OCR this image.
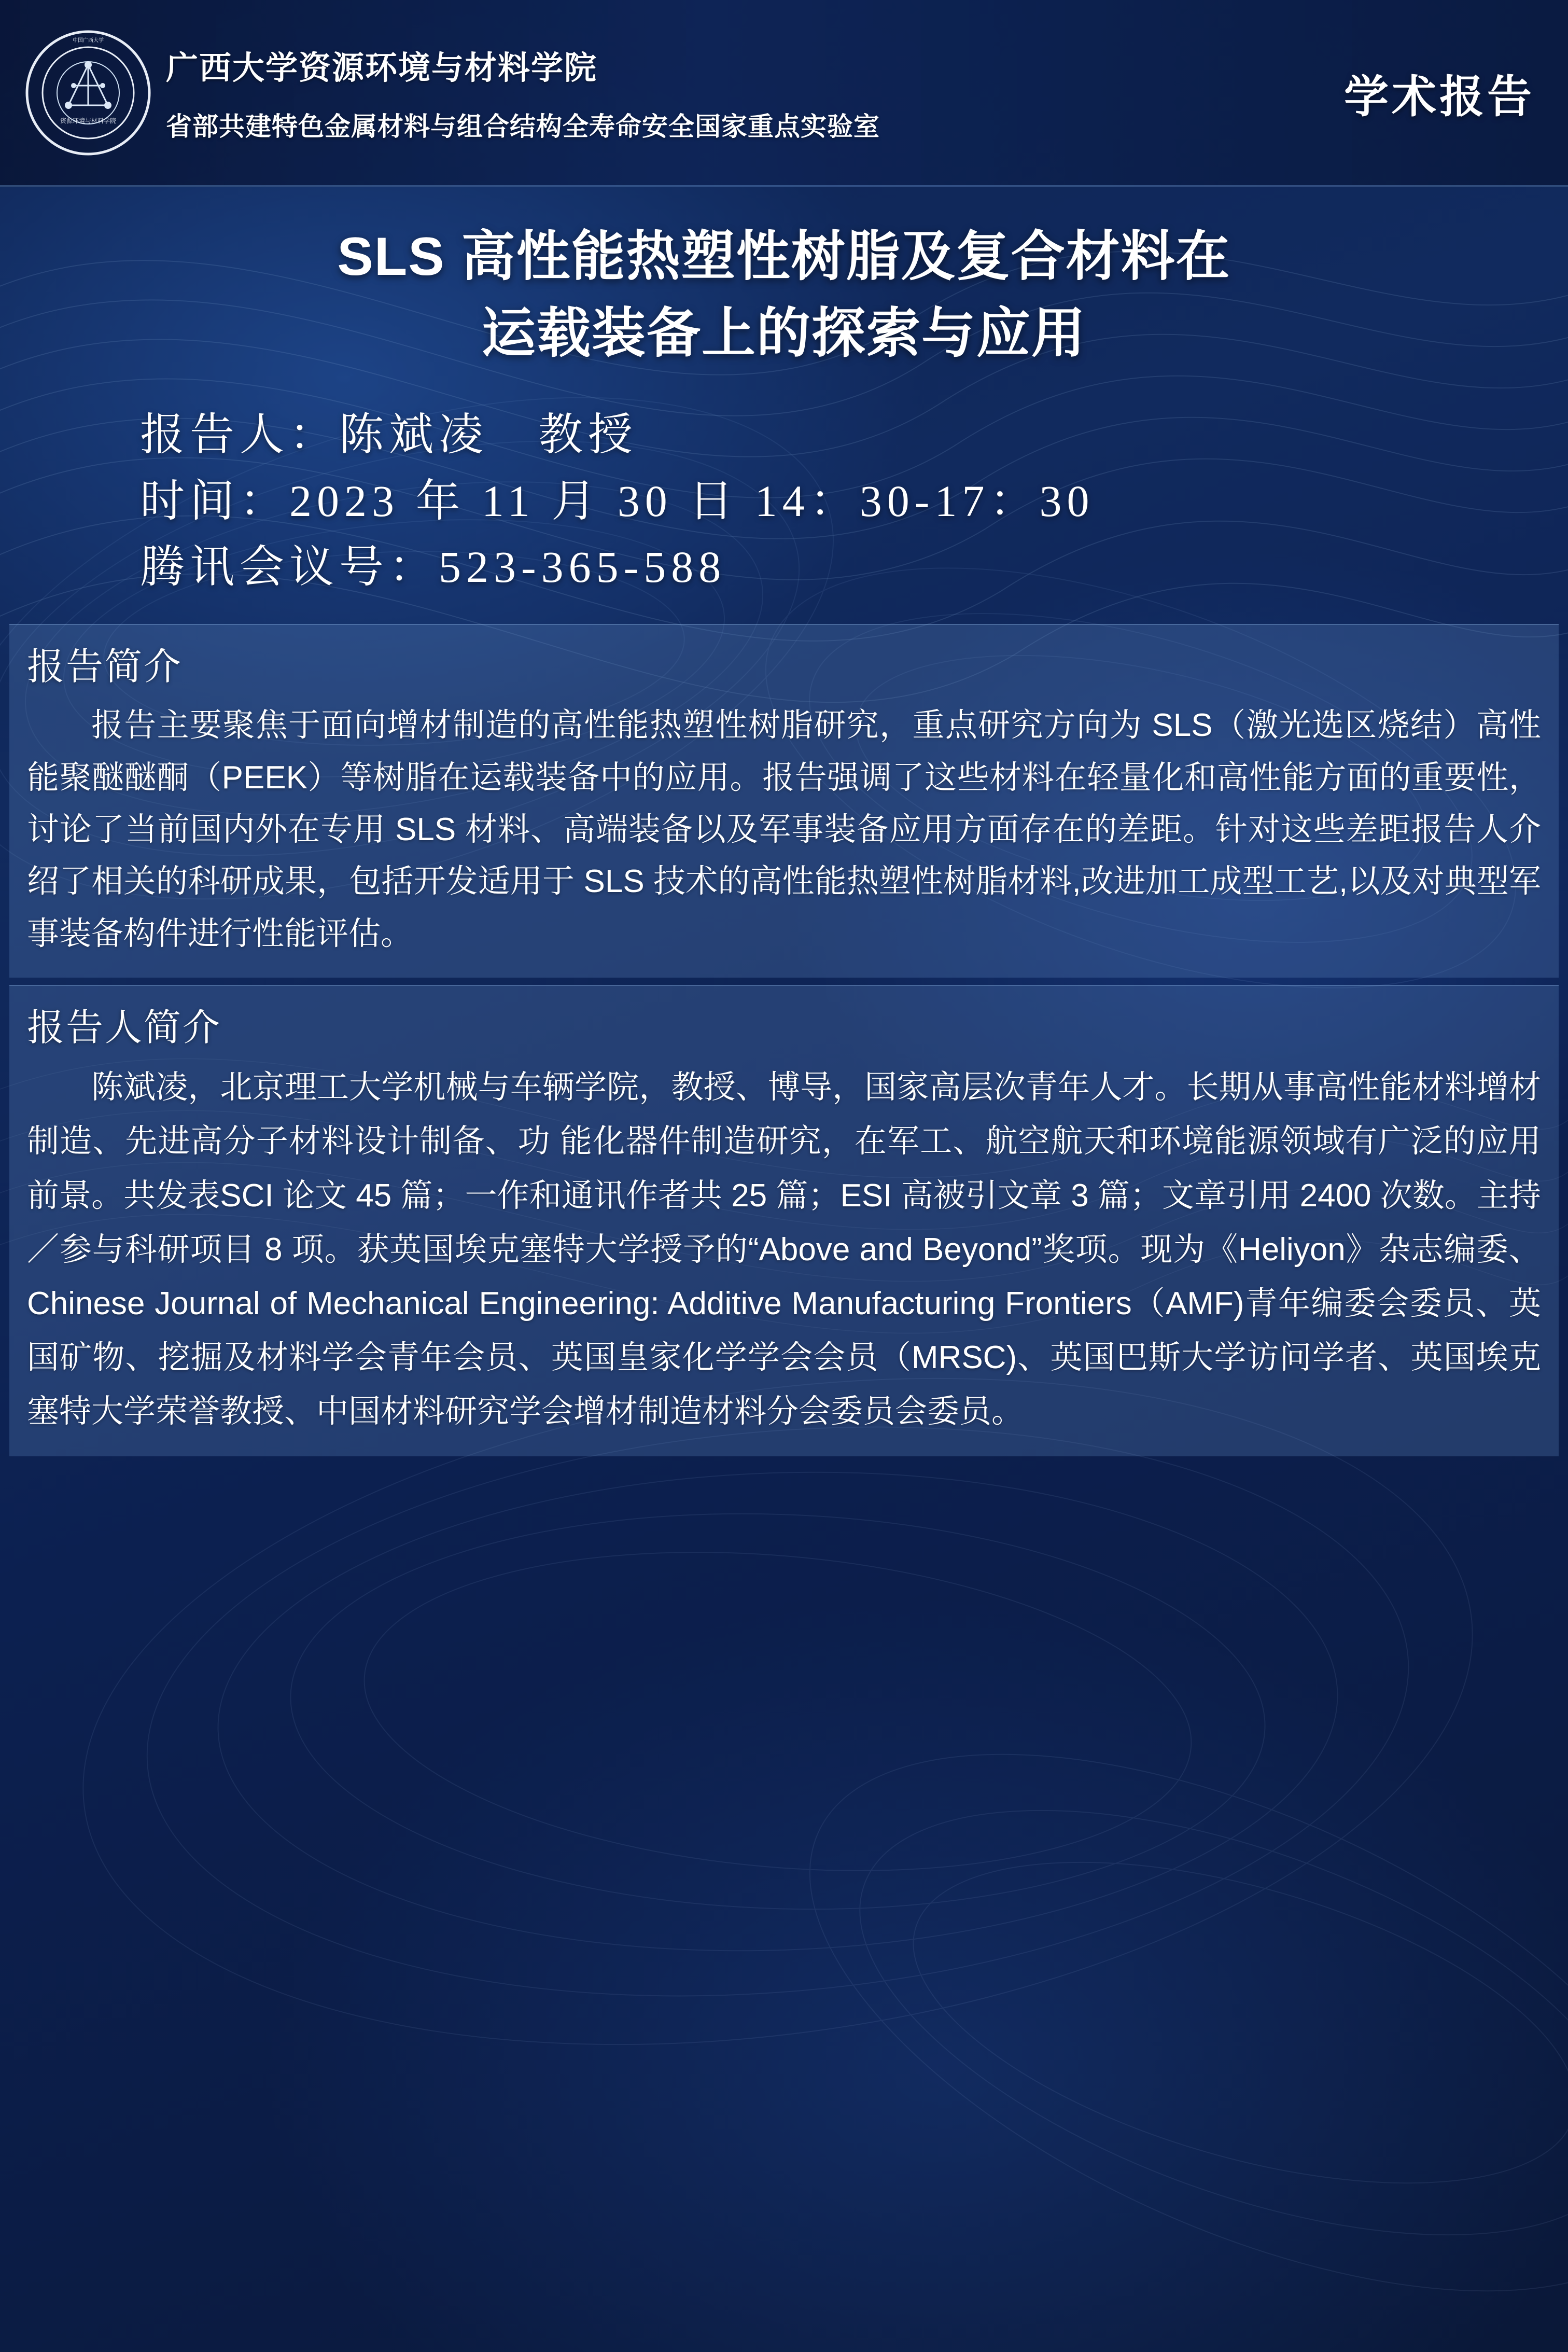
资源环境与材料学院
中国广西大学
广西大学资源环境与材料学院
省部共建特色金属材料与组合结构全寿命安全国家重点实验室
学术报告
SLS 高性能热塑性树脂及复合材料在
运载装备上的探索与应用
报告人：陈斌凌　教授
时间：2023 年 11 月 30 日 14：30-17：30
腾讯会议号：523-365-588
报告简介
报告主要聚焦于面向增材制造的高性能热塑性树脂研究，重点研究方向为 SLS（激光选区烧结）高性能聚醚醚酮（PEEK）等树脂在运载装备中的应用。报告强调了这些材料在轻量化和高性能方面的重要性，讨论了当前国内外在专用 SLS 材料、高端装备以及军事装备应用方面存在的差距。针对这些差距报告人介绍了相关的科研成果，包括开发适用于 SLS 技术的高性能热塑性树脂材料,改进加工成型工艺,以及对典型军事装备构件进行性能评估。
报告人简介
陈斌凌，北京理工大学机械与车辆学院，教授、博导，国家高层次青年人才。长期从事高性能材料增材制造、先进高分子材料设计制备、功 能化器件制造研究，在军工、航空航天和环境能源领域有广泛的应用前景。共发表SCI 论文 45 篇；一作和通讯作者共 25 篇；ESI 高被引文章 3 篇；文章引用 2400 次数。主持／参与科研项目 8 项。获英国埃克塞特大学授予的“Above and Beyond”奖项。现为《Heliyon》杂志编委、Chinese Journal of Mechanical Engineering: Additive Manufacturing Frontiers（AMF)青年编委会委员、英国矿物、挖掘及材料学会青年会员、英国皇家化学学会会员（MRSC)、英国巴斯大学访问学者、英国埃克塞特大学荣誉教授、中国材料研究学会增材制造材料分会委员会委员。
